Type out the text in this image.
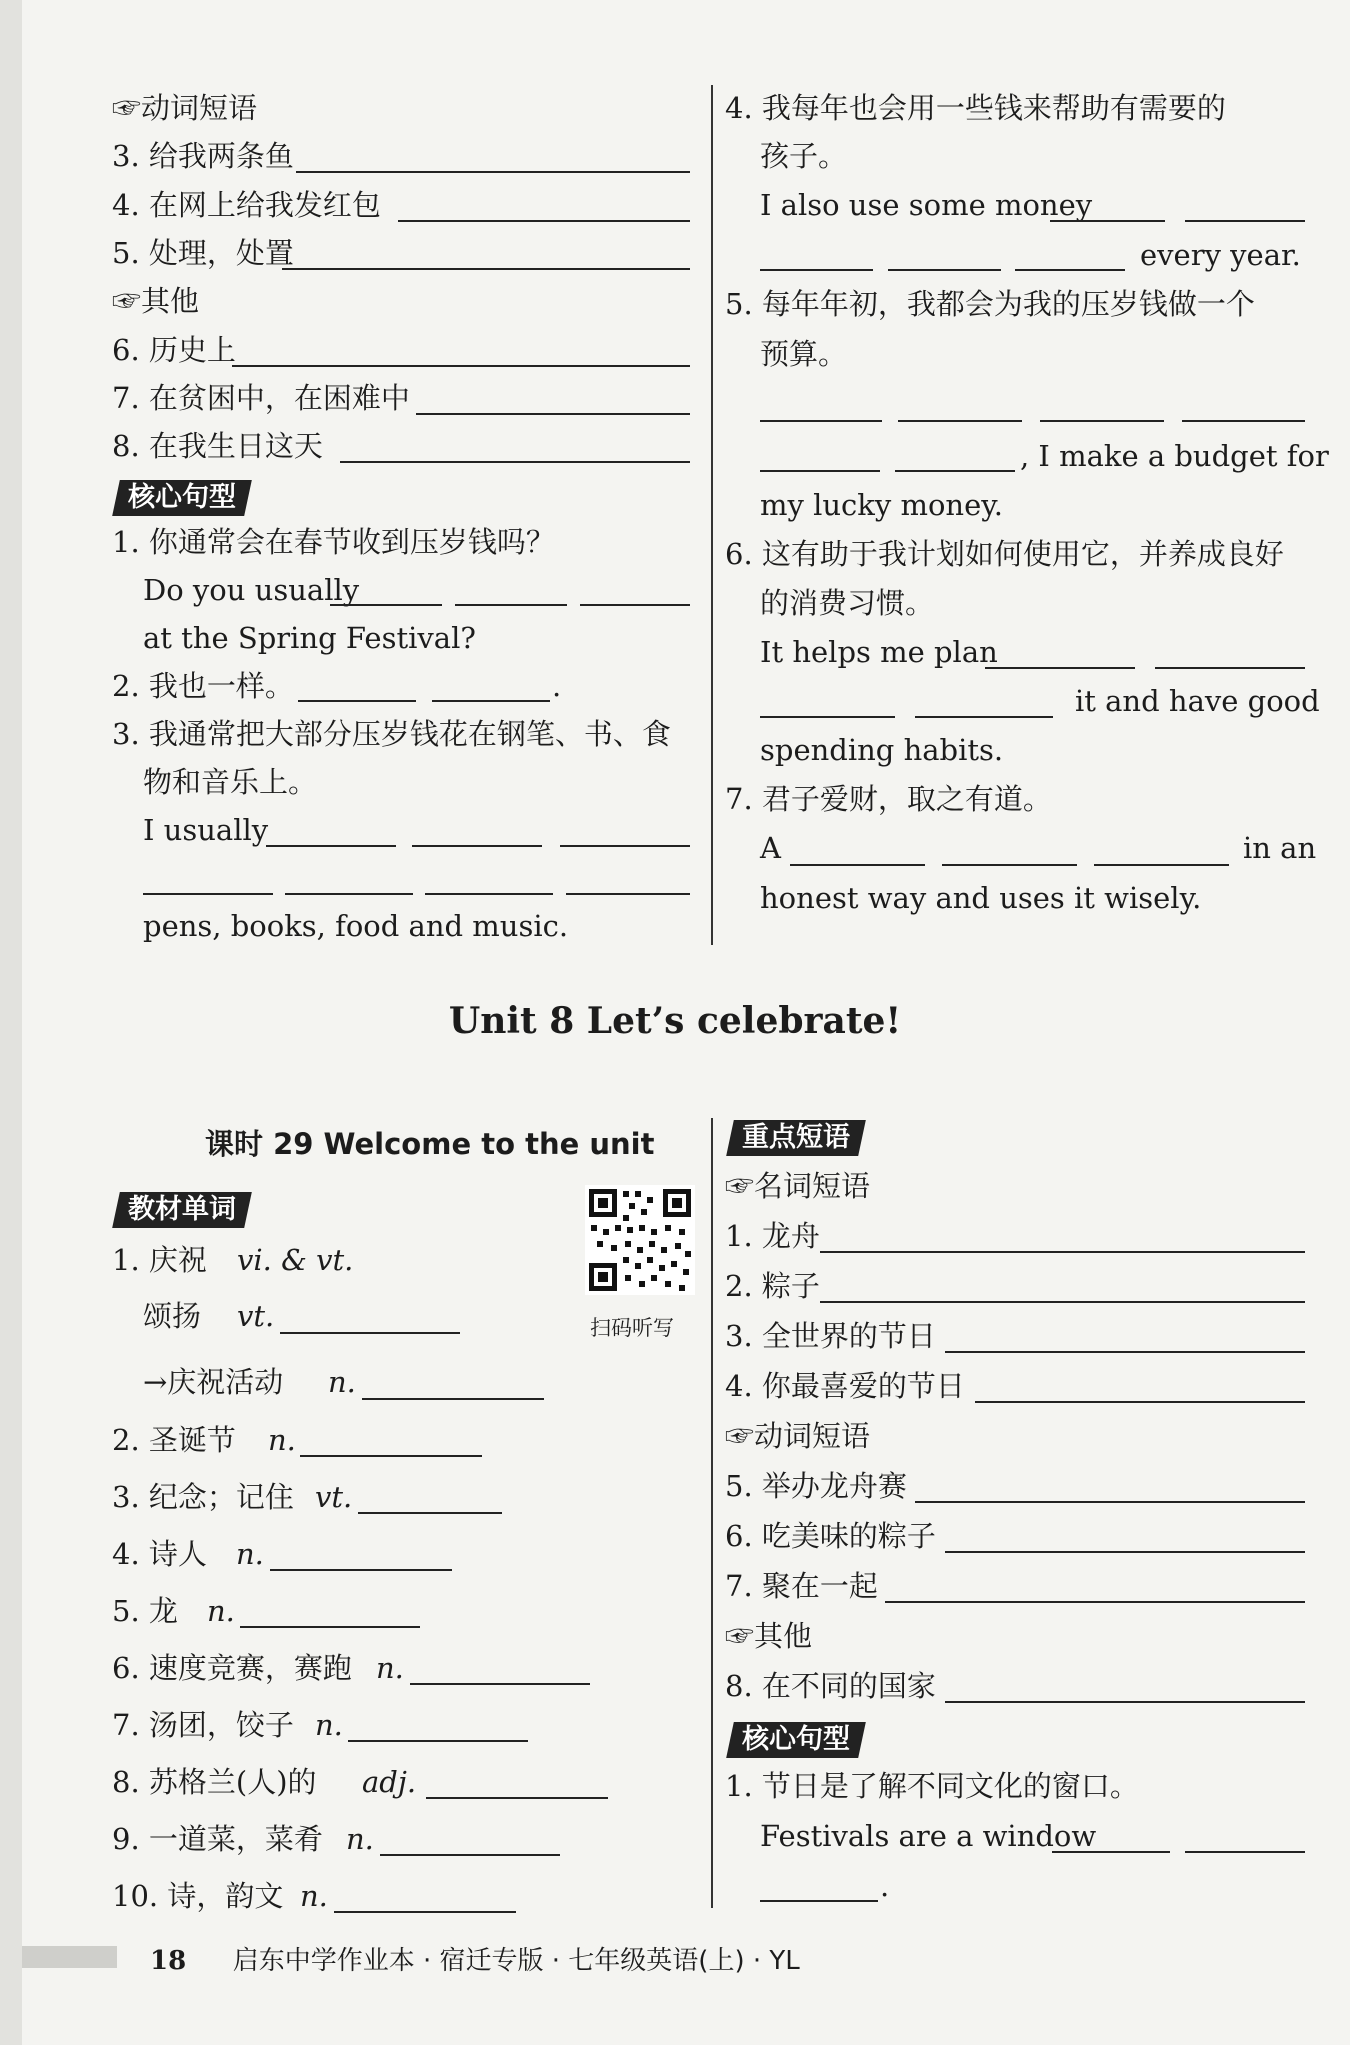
☞动词短语
3. 给我两条鱼
4. 在网上给我发红包
5. 处理，处置
☞其他
6. 历史上
7. 在贫困中，在困难中
8. 在我生日这天
核心句型
1. 你通常会在春节收到压岁钱吗？
Do you usually
at the Spring Festival?
2. 我也一样。	.
3. 我通常把大部分压岁钱花在钢笔、书、食
物和音乐上。
I usually
pens, books, food and music.
4. 我每年也会用一些钱来帮助有需要的
孩子。
I also use some money
every year.
5. 每年年初，我都会为我的压岁钱做一个
预算。
, I make a budget for
my lucky money.
6. 这有助于我计划如何使用它，并养成良好
的消费习惯。
It helps me plan
it and have good
spending habits.
7. 君子爱财，取之有道。
A	in an
honest way and uses it wisely.
Unit 8 Let’s celebrate!
课时 29 Welcome to the unit
教材单词
扫码听写
1. 庆祝 vi. & vt.
颂扬 vt.
→庆祝活动 n.
2. 圣诞节 n.
3. 纪念；记住 vt.
4. 诗人 n.
5. 龙 n.
6. 速度竞赛，赛跑 n.
7. 汤团，饺子 n.
8. 苏格兰(人)的 adj.
9. 一道菜，菜肴 n.
10. 诗，韵文 n.
重点短语
☞名词短语
1. 龙舟
2. 粽子
3. 全世界的节日
4. 你最喜爱的节日
☞动词短语
5. 举办龙舟赛
6. 吃美味的粽子
7. 聚在一起
☞其他
8. 在不同的国家
核心句型
1. 节日是了解不同文化的窗口。
Festivals are a window
.
18 启东中学作业本 · 宿迁专版 · 七年级英语(上) · YL
